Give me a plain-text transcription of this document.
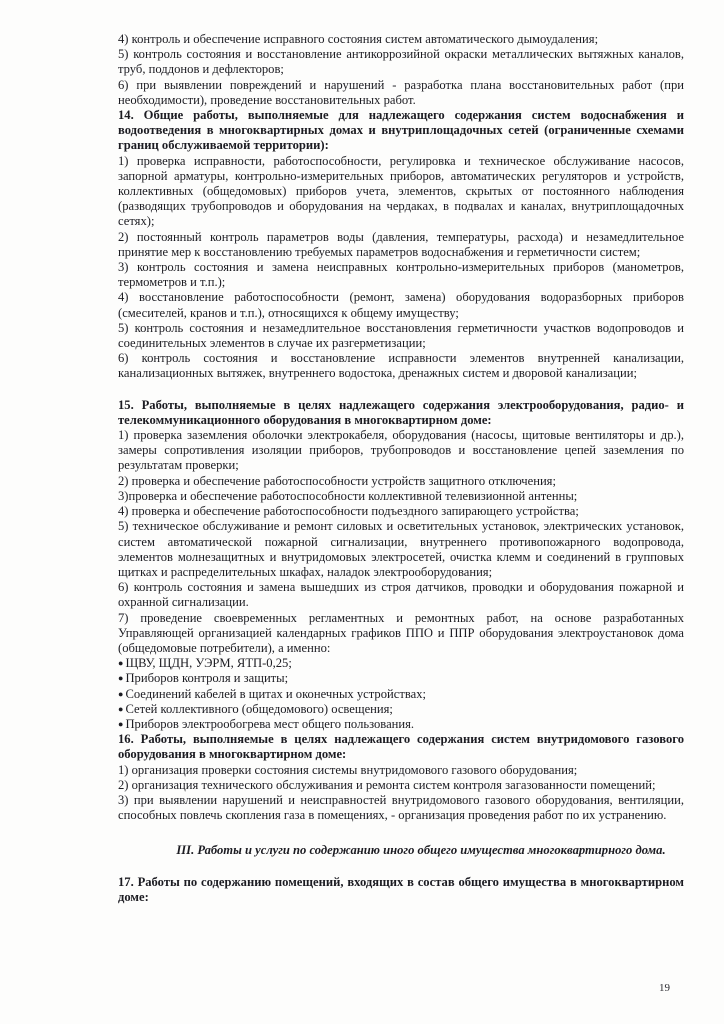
4) контроль и обеспечение исправного состояния систем автоматического дымоудаления;

5) контроль состояния и восстановление антикоррозийной окраски металлических вытяжных каналов, труб, поддонов и дефлекторов;

6) при выявлении повреждений и нарушений - разработка плана восстановительных работ (при необходимости), проведение восстановительных работ.

14. Общие работы, выполняемые для надлежащего содержания систем водоснабжения и водоотведения в многоквартирных домах и внутриплощадочных сетей (ограниченные схемами границ обслуживаемой территории):

1) проверка исправности, работоспособности, регулировка и техническое обслуживание насосов, запорной арматуры, контрольно-измерительных приборов, автоматических регуляторов и устройств, коллективных (общедомовых) приборов учета, элементов, скрытых от постоянного наблюдения (разводящих трубопроводов и оборудования на чердаках, в подвалах и каналах, внутриплощадочных сетях);

2) постоянный контроль параметров воды (давления, температуры, расхода) и незамедлительное принятие мер к восстановлению требуемых параметров водоснабжения и герметичности систем;

3) контроль состояния и замена неисправных контрольно-измерительных приборов (манометров, термометров и т.п.);

4) восстановление работоспособности (ремонт, замена) оборудования водоразборных приборов (смесителей, кранов и т.п.), относящихся к общему имуществу;

5) контроль состояния и незамедлительное восстановления герметичности участков водопроводов и соединительных элементов в случае их разгерметизации;

6) контроль состояния и восстановление исправности элементов внутренней канализации, канализационных вытяжек, внутреннего водостока, дренажных систем и дворовой канализации;

15. Работы, выполняемые в целях надлежащего содержания электрооборудования, радио- и телекоммуникационного оборудования в многоквартирном доме:

1) проверка заземления оболочки электрокабеля, оборудования (насосы, щитовые вентиляторы и др.), замеры сопротивления изоляции приборов, трубопроводов и восстановление цепей заземления по результатам проверки;

2) проверка и обеспечение работоспособности устройств защитного отключения;

3)проверка и обеспечение работоспособности коллективной телевизионной антенны;

4) проверка и обеспечение работоспособности подъездного запирающего устройства;

5) техническое обслуживание и ремонт силовых и осветительных установок, электрических установок, систем автоматической пожарной сигнализации, внутреннего противопожарного водопровода, элементов молнезащитных и внутридомовых электросетей, очистка клемм и соединений в групповых щитках и распределительных шкафах, наладок электрооборудования;

6) контроль состояния и замена вышедших из строя датчиков, проводки и оборудования пожарной и охранной сигнализации.

7) проведение своевременных регламентных и ремонтных работ, на основе разработанных Управляющей организацией календарных графиков ППО и ППР оборудования электроустановок дома (общедомовые потребители), а именно:

● ЩВУ, ЩДН, УЭРМ, ЯТП-0,25;

● Приборов контроля и защиты;

● Соединений кабелей в щитах и оконечных устройствах;

● Сетей коллективного (общедомового) освещения;

● Приборов электрообогрева мест общего пользования.

16. Работы, выполняемые в целях надлежащего содержания систем внутридомового газового оборудования в многоквартирном доме:

1) организация проверки состояния системы внутридомового газового оборудования;

2) организация технического обслуживания и ремонта систем контроля загазованности помещений;

3) при выявлении нарушений и неисправностей внутридомового газового оборудования, вентиляции, способных повлечь скопления газа в помещениях, - организация проведения работ по их устранению.

III. Работы и услуги по содержанию иного общего имущества многоквартирного дома.

17. Работы по содержанию помещений, входящих в состав общего имущества в многоквартирном доме:

19
